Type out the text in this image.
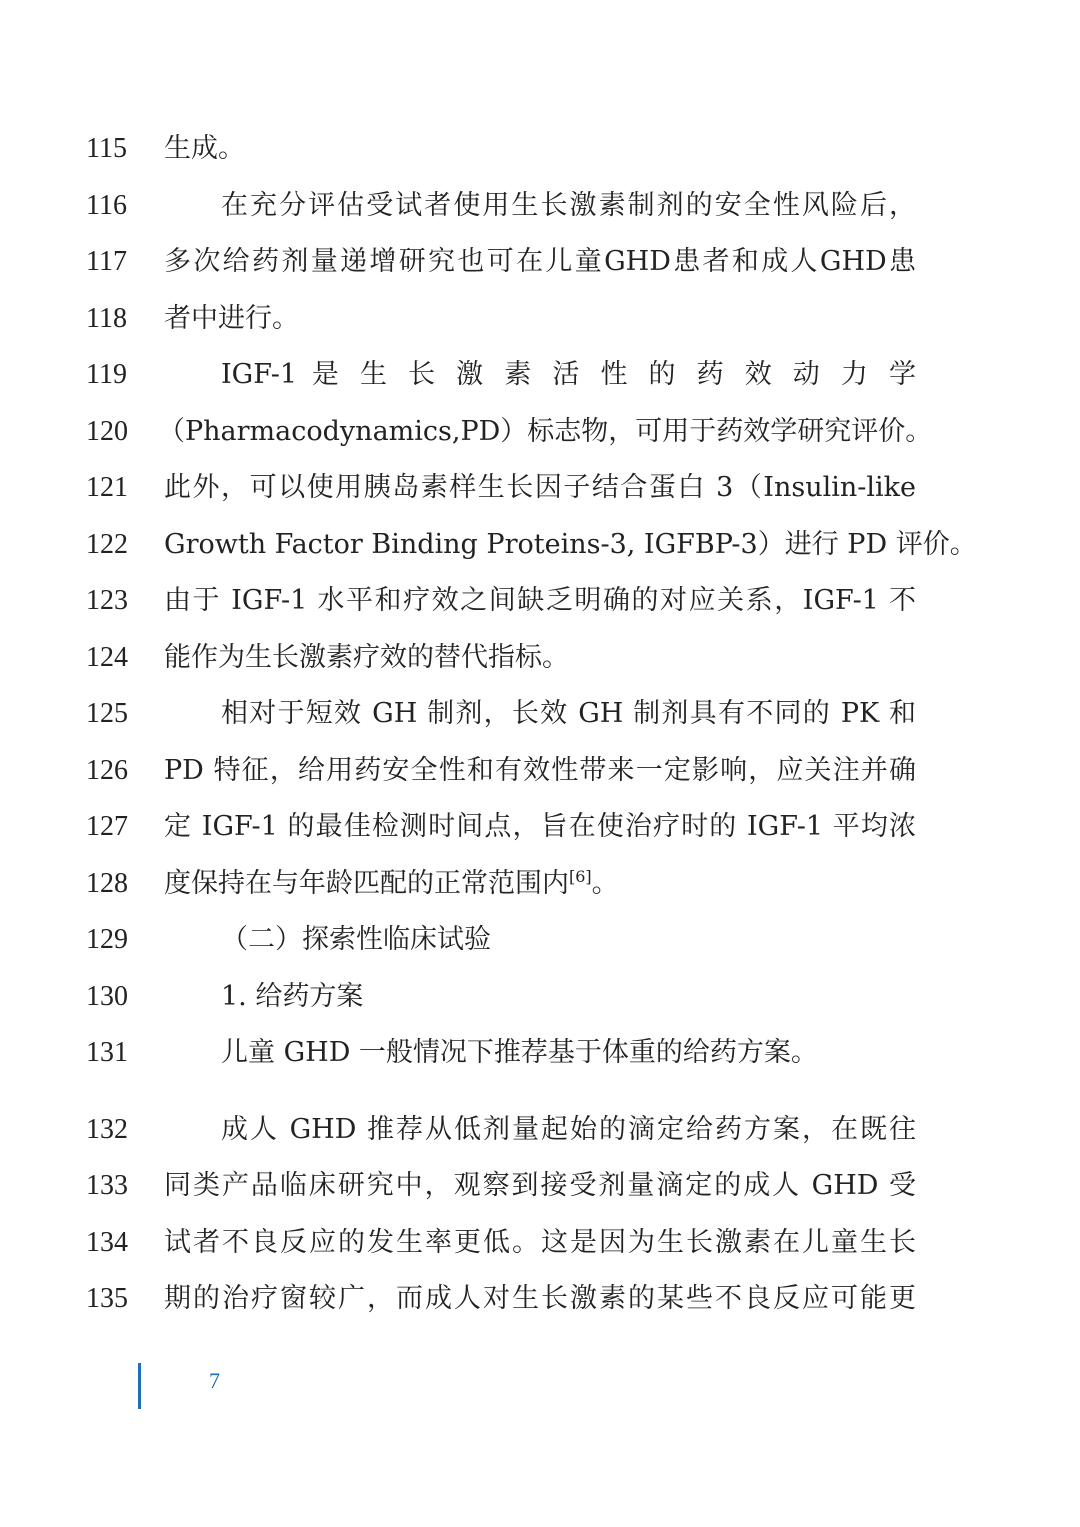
115 生成。
116	在充分评估受试者使用生长激素制剂的安全性风险后，
117 多次给药剂量递增研究也可在儿童GHD患者和成人GHD患
118 者中进行。
119	IGF-1 是 生 长 激 素 活 性 的 药 效 动 力 学
120 （Pharmacodynamics,PD）标志物，可用于药效学研究评价。
121 此外，可以使用胰岛素样生长因子结合蛋白 3（Insulin-like
122 Growth Factor Binding Proteins-3, IGFBP-3）进行 PD 评价。
123 由于 IGF-1 水平和疗效之间缺乏明确的对应关系，IGF-1 不
124 能作为生长激素疗效的替代指标。
125	相对于短效 GH 制剂，长效 GH 制剂具有不同的 PK 和
126 PD 特征，给用药安全性和有效性带来一定影响，应关注并确
127 定 IGF-1 的最佳检测时间点，旨在使治疗时的 IGF-1 平均浓
128 度保持在与年龄匹配的正常范围内[6]。
129	（二）探索性临床试验
130	1. 给药方案
131	儿童 GHD 一般情况下推荐基于体重的给药方案。
132	成人 GHD 推荐从低剂量起始的滴定给药方案，在既往
133 同类产品临床研究中，观察到接受剂量滴定的成人 GHD 受
134 试者不良反应的发生率更低。这是因为生长激素在儿童生长
135 期的治疗窗较广，而成人对生长激素的某些不良反应可能更
7
